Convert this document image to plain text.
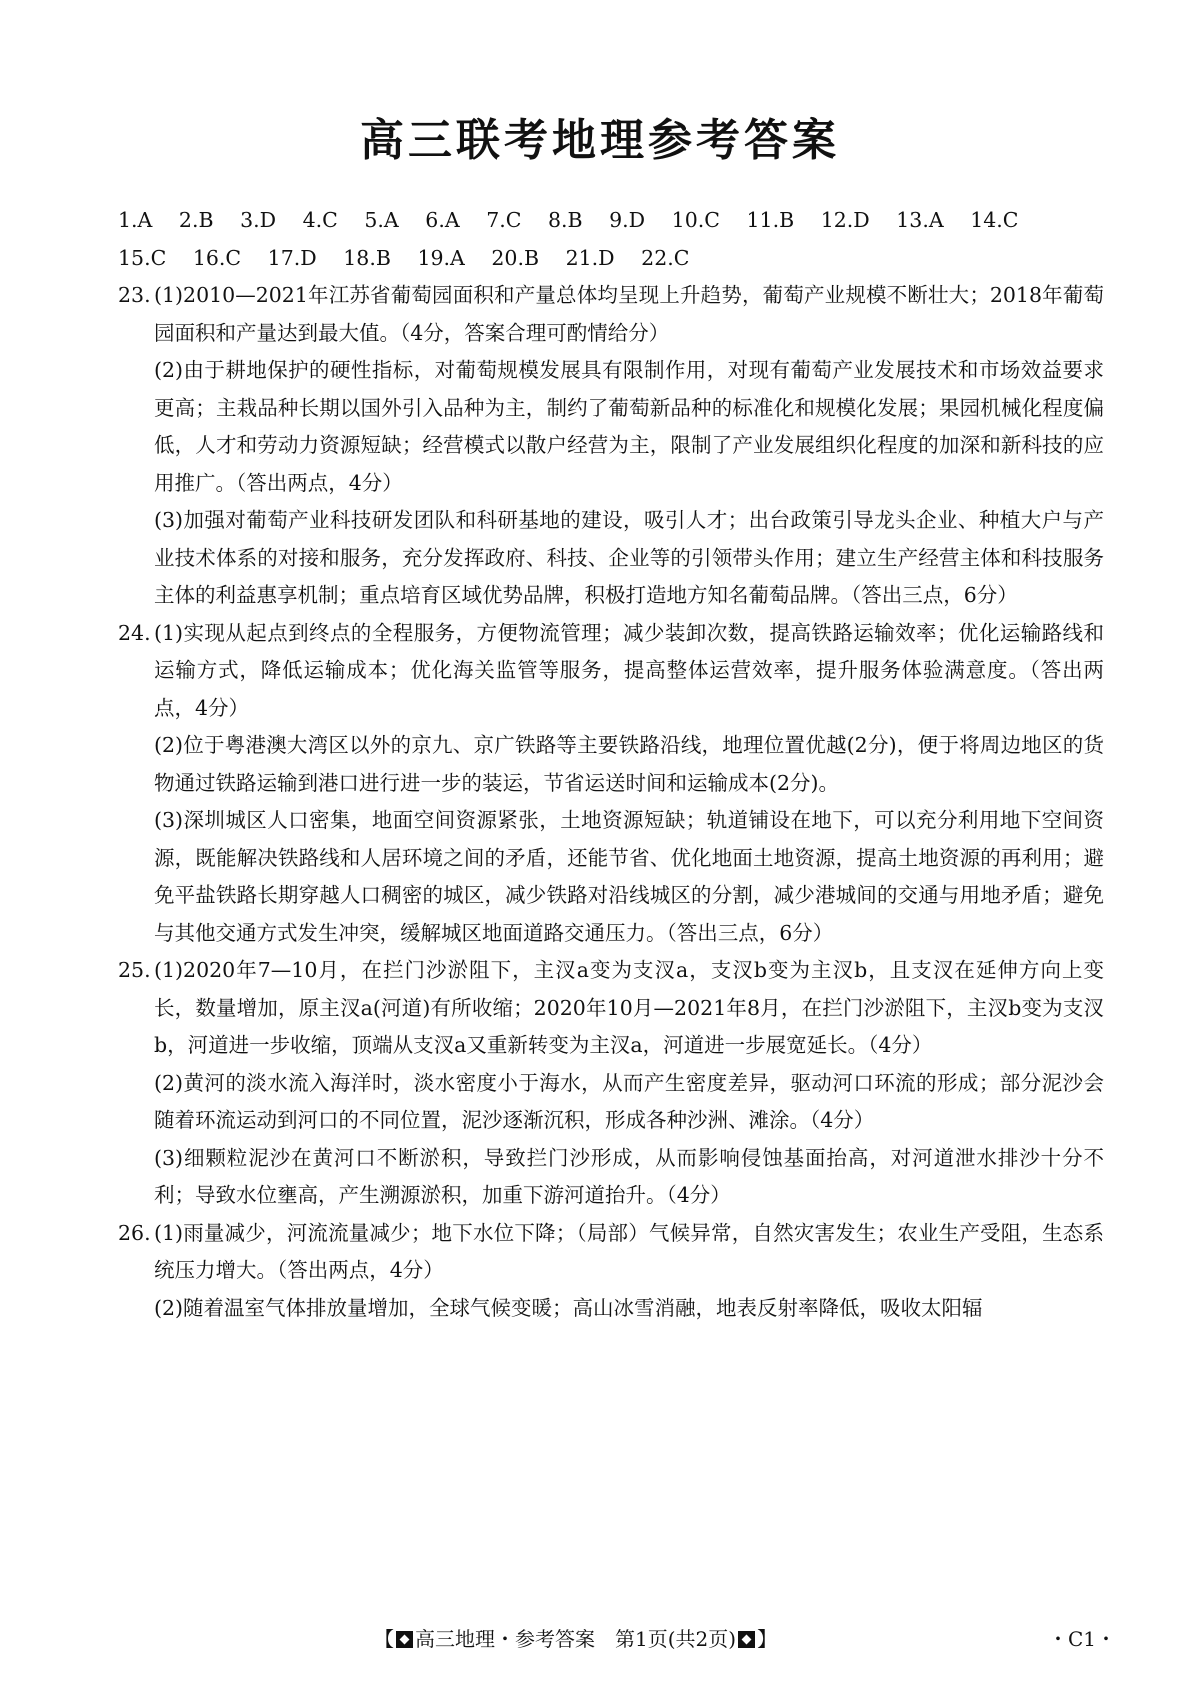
高三联考地理参考答案
1.A 2.B 3.D 4.C 5.A 6.A 7.C 8.B 9.D 10.C 11.B 12.D 13.A 14.C
15.C 16.C 17.D 18.B 19.A 20.B 21.D 22.C
23. (1)2010—2021年江苏省葡萄园面积和产量总体均呈现上升趋势，葡萄产业规模不断壮大；2018年葡萄园面积和产量达到最大值。（4分，答案合理可酌情给分）
(2)由于耕地保护的硬性指标，对葡萄规模发展具有限制作用，对现有葡萄产业发展技术和市场效益要求更高；主栽品种长期以国外引入品种为主，制约了葡萄新品种的标准化和规模化发展；果园机械化程度偏低，人才和劳动力资源短缺；经营模式以散户经营为主，限制了产业发展组织化程度的加深和新科技的应用推广。（答出两点，4分）
(3)加强对葡萄产业科技研发团队和科研基地的建设，吸引人才；出台政策引导龙头企业、种植大户与产业技术体系的对接和服务，充分发挥政府、科技、企业等的引领带头作用；建立生产经营主体和科技服务主体的利益惠享机制；重点培育区域优势品牌，积极打造地方知名葡萄品牌。（答出三点，6分）
24. (1)实现从起点到终点的全程服务，方便物流管理；减少装卸次数，提高铁路运输效率；优化运输路线和运输方式，降低运输成本；优化海关监管等服务，提高整体运营效率，提升服务体验满意度。（答出两点，4分）
(2)位于粤港澳大湾区以外的京九、京广铁路等主要铁路沿线，地理位置优越(2分)，便于将周边地区的货物通过铁路运输到港口进行进一步的装运，节省运送时间和运输成本(2分)。
(3)深圳城区人口密集，地面空间资源紧张，土地资源短缺；轨道铺设在地下，可以充分利用地下空间资源，既能解决铁路线和人居环境之间的矛盾，还能节省、优化地面土地资源，提高土地资源的再利用；避免平盐铁路长期穿越人口稠密的城区，减少铁路对沿线城区的分割，减少港城间的交通与用地矛盾；避免与其他交通方式发生冲突，缓解城区地面道路交通压力。（答出三点，6分）
25. (1)2020年7—10月，在拦门沙淤阻下，主汊a变为支汊a，支汊b变为主汊b，且支汊在延伸方向上变长，数量增加，原主汊a(河道)有所收缩；2020年10月—2021年8月，在拦门沙淤阻下，主汊b变为支汊b，河道进一步收缩，顶端从支汊a又重新转变为主汊a，河道进一步展宽延长。（4分）
(2)黄河的淡水流入海洋时，淡水密度小于海水，从而产生密度差异，驱动河口环流的形成；部分泥沙会随着环流运动到河口的不同位置，泥沙逐渐沉积，形成各种沙洲、滩涂。（4分）
(3)细颗粒泥沙在黄河口不断淤积，导致拦门沙形成，从而影响侵蚀基面抬高，对河道泄水排沙十分不利；导致水位壅高，产生溯源淤积，加重下游河道抬升。（4分）
26. (1)雨量减少，河流流量减少；地下水位下降；（局部）气候异常，自然灾害发生；农业生产受阻，生态系统压力增大。（答出两点，4分）
(2)随着温室气体排放量增加，全球气候变暖；高山冰雪消融，地表反射率降低，吸收太阳辐
【 高三地理・参考答案　第1页(共2页) 】	・C1・
